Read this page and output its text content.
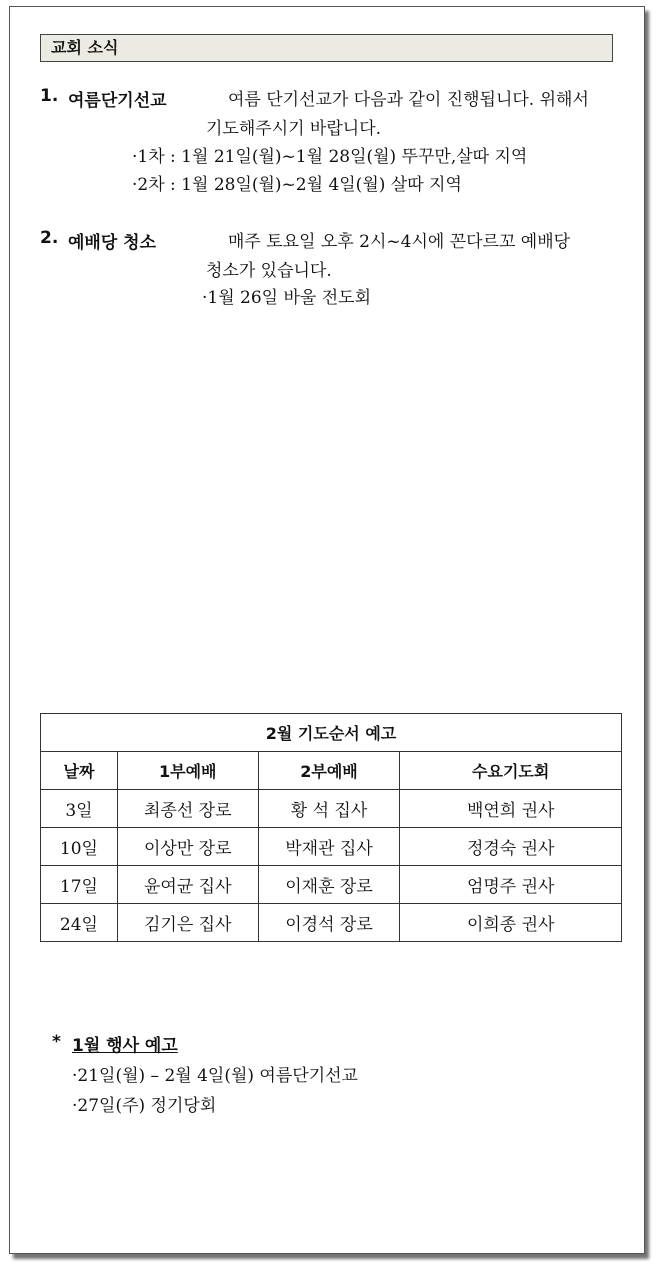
교회 소식
1. 여름단기선교	여름 단기선교가 다음과 같이 진행됩니다. 위해서
기도해주시기 바랍니다.
·1차 : 1월 21일(월)~1월 28일(월) 뚜꾸만,살따 지역
·2차 : 1월 28일(월)~2월 4일(월) 살따 지역
2. 예배당 청소	매주 토요일 오후 2시~4시에 꼰다르꼬 예배당
청소가 있습니다.
·1월 26일 바울 전도회
2월 기도순서 예고			
날짜	1부예배	2부예배	수요기도회
3일	최종선 장로	황 석 집사	백연희 권사
10일	이상만 장로	박재관 집사	정경숙 권사
17일	윤여균 집사	이재훈 장로	엄명주 권사
24일	김기은 집사	이경석 장로	이희종 권사
* 1월 행사 예고
·21일(월) – 2월 4일(월) 여름단기선교
·27일(주) 정기당회
